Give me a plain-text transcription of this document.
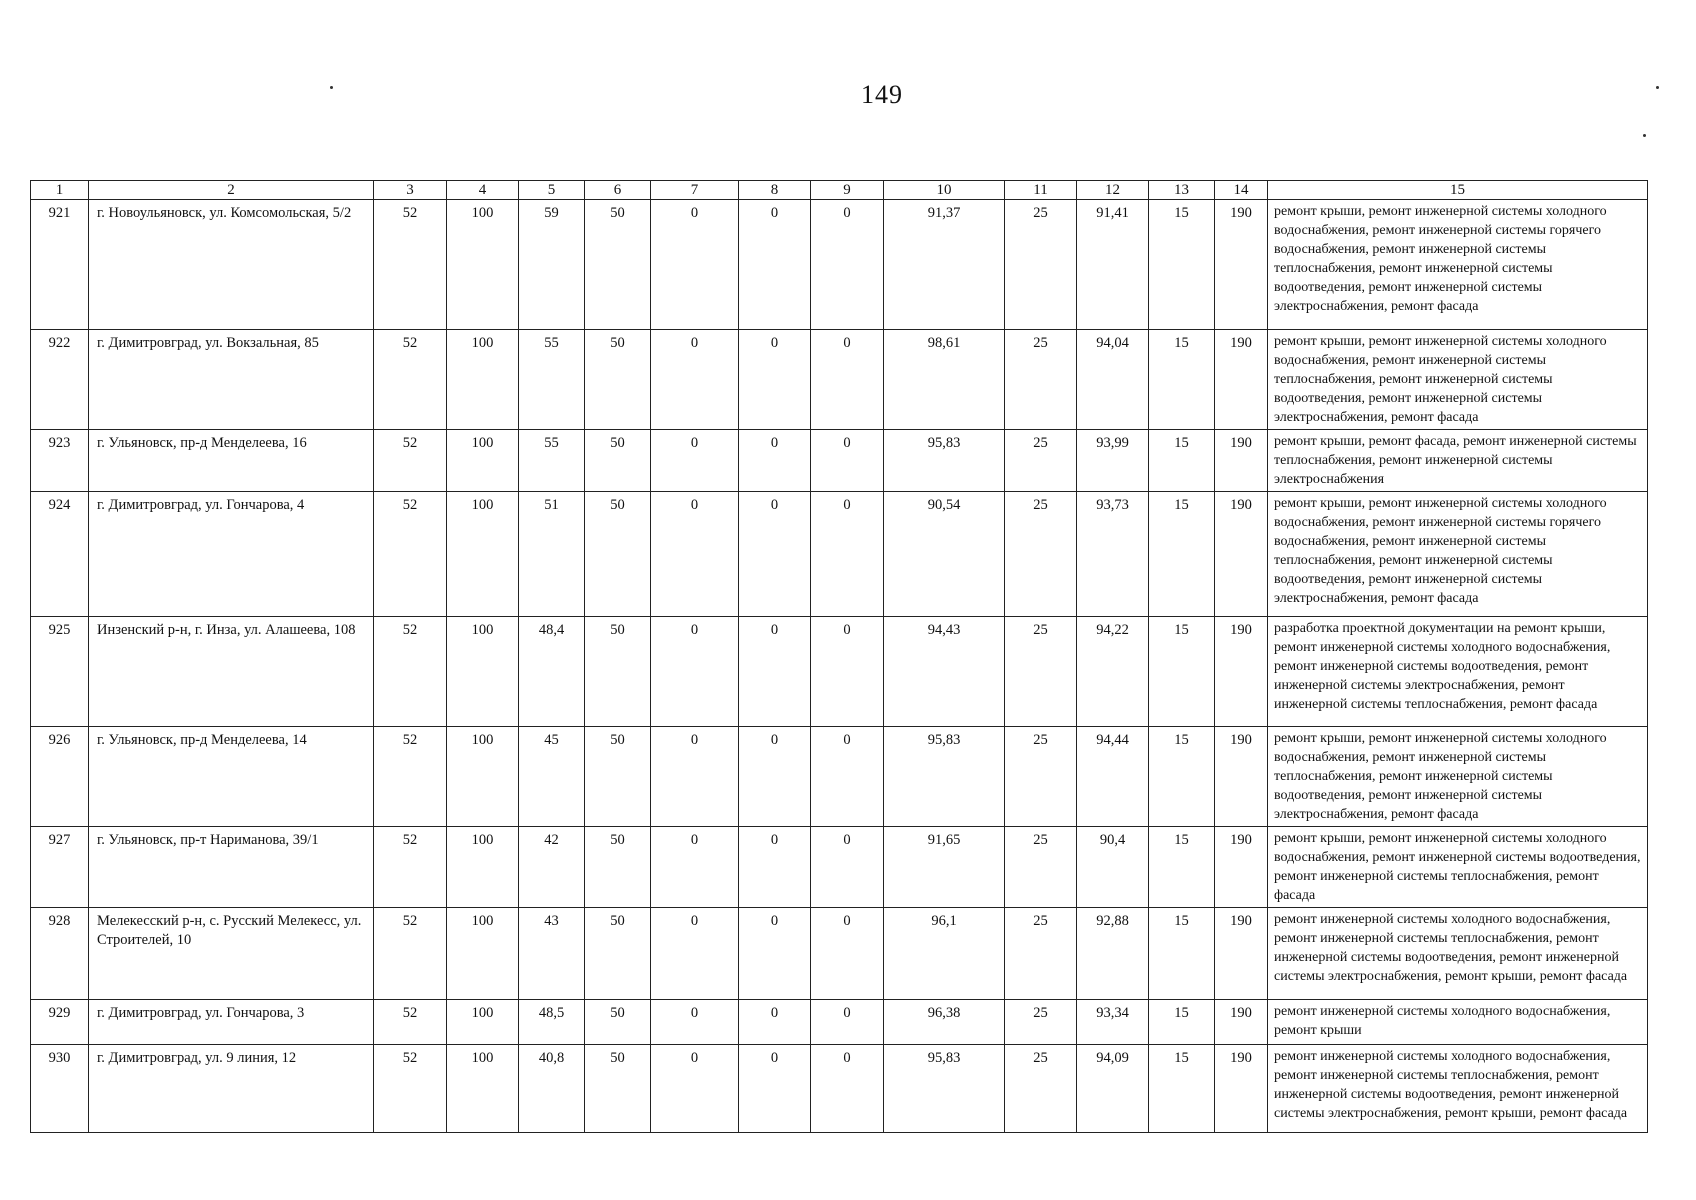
149
1	2	3	4	5	6	7	8	9	10	11	12	13	14	15
921	г. Новоульяновск, ул. Комсомольская, 5/2	52	100	59	50	0	0	0	91,37	25	91,41	15	190	ремонт крыши, ремонт инженерной системы холодного водоснабжения, ремонт инженерной системы горячего водоснабжения, ремонт инженерной системы теплоснабжения, ремонт инженерной системы водоотведения, ремонт инженерной системы электроснабжения, ремонт фасада
922	г. Димитровград, ул. Вокзальная, 85	52	100	55	50	0	0	0	98,61	25	94,04	15	190	ремонт крыши, ремонт инженерной системы холодного водоснабжения, ремонт инженерной системы теплоснабжения, ремонт инженерной системы водоотведения, ремонт инженерной системы электроснабжения, ремонт фасада
923	г. Ульяновск, пр-д Менделеева, 16	52	100	55	50	0	0	0	95,83	25	93,99	15	190	ремонт крыши, ремонт фасада, ремонт инженерной системы теплоснабжения, ремонт инженерной системы электроснабжения
924	г. Димитровград, ул. Гончарова, 4	52	100	51	50	0	0	0	90,54	25	93,73	15	190	ремонт крыши, ремонт инженерной системы холодного водоснабжения, ремонт инженерной системы горячего водоснабжения, ремонт инженерной системы теплоснабжения, ремонт инженерной системы водоотведения, ремонт инженерной системы электроснабжения, ремонт фасада
925	Инзенский р-н, г. Инза, ул. Алашеева, 108	52	100	48,4	50	0	0	0	94,43	25	94,22	15	190	разработка проектной документации на ремонт крыши, ремонт инженерной системы холодного водоснабжения, ремонт инженерной системы водоотведения, ремонт инженерной системы электроснабжения, ремонт инженерной системы теплоснабжения, ремонт фасада
926	г. Ульяновск, пр-д Менделеева, 14	52	100	45	50	0	0	0	95,83	25	94,44	15	190	ремонт крыши, ремонт инженерной системы холодного водоснабжения, ремонт инженерной системы теплоснабжения, ремонт инженерной системы водоотведения, ремонт инженерной системы электроснабжения, ремонт фасада
927	г. Ульяновск, пр-т Нариманова, 39/1	52	100	42	50	0	0	0	91,65	25	90,4	15	190	ремонт крыши, ремонт инженерной системы холодного водоснабжения, ремонт инженерной системы водоотведения, ремонт инженерной системы теплоснабжения, ремонт фасада
928	Мелекесский р-н, с. Русский Мелекесс, ул. Строителей, 10	52	100	43	50	0	0	0	96,1	25	92,88	15	190	ремонт инженерной системы холодного водоснабжения, ремонт инженерной системы теплоснабжения, ремонт инженерной системы водоотведения, ремонт инженерной системы электроснабжения, ремонт крыши, ремонт фасада
929	г. Димитровград, ул. Гончарова, 3	52	100	48,5	50	0	0	0	96,38	25	93,34	15	190	ремонт инженерной системы холодного водоснабжения, ремонт крыши
930	г. Димитровград, ул. 9 линия, 12	52	100	40,8	50	0	0	0	95,83	25	94,09	15	190	ремонт инженерной системы холодного водоснабжения, ремонт инженерной системы теплоснабжения, ремонт инженерной системы водоотведения, ремонт инженерной системы электроснабжения, ремонт крыши, ремонт фасада
